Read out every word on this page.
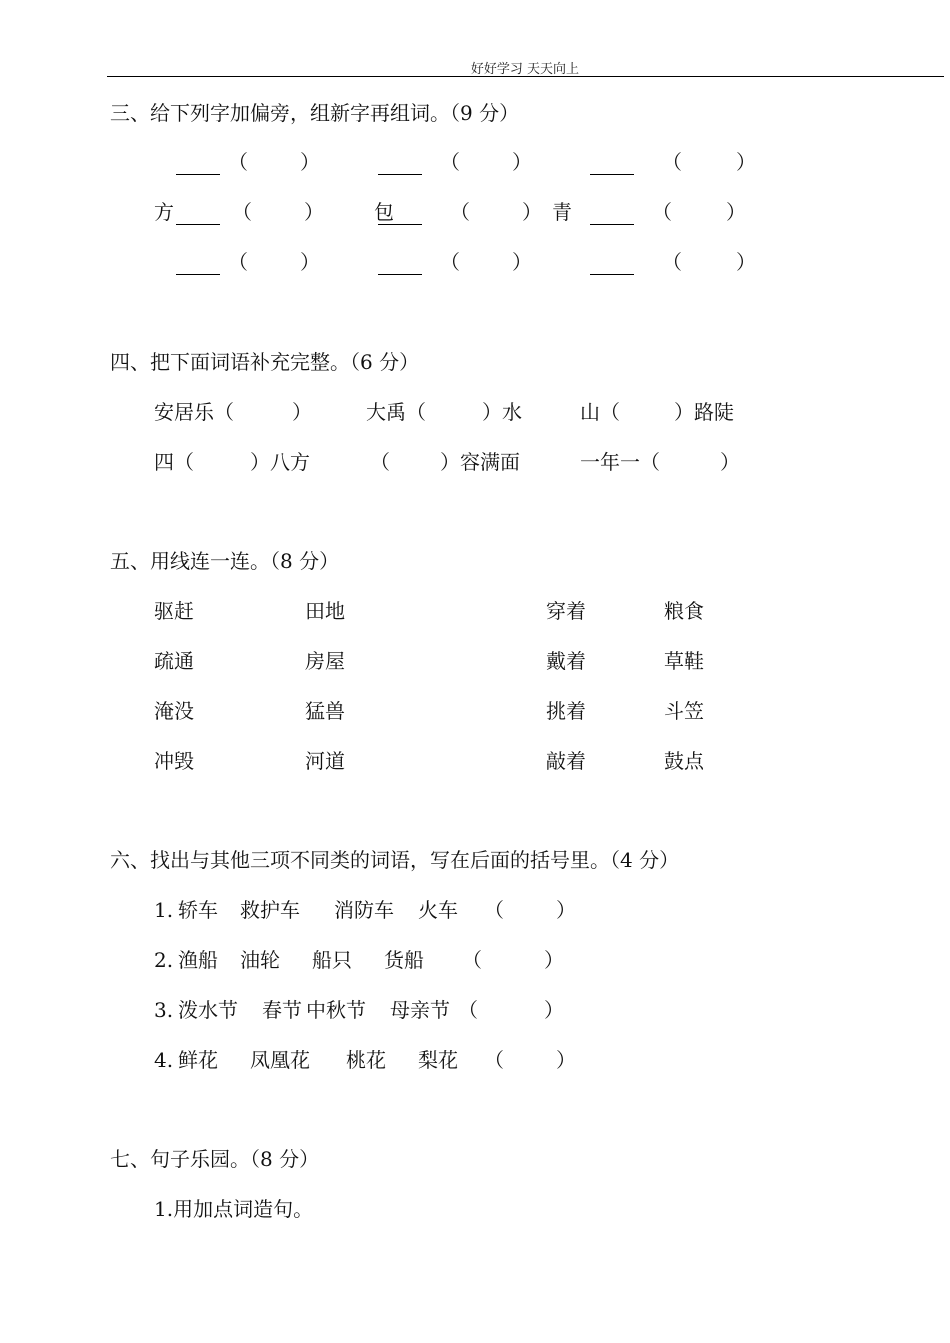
好好学习 天天向上
三、给下列字加偏旁，组新字再组词。（9 分）
（	）	（	）	（	）
方	（	）	包	（	） 青	（	）
（	）	（	）	（	）
四、把下面词语补充完整。（6 分）
安居乐（	）	大禹（	）水	山（	）路陡
四（	）八方	（	）容满面	一年一（	）
五、用线连一连。（8 分）
驱赶	田地	穿着	粮食
疏通	房屋	戴着	草鞋
淹没	猛兽	挑着	斗笠
冲毁	河道	敲着	鼓点
六、找出与其他三项不同类的词语，写在后面的括号里。（4 分）
1. 轿车 救护车 消防车 火车 （	）
2. 渔船 油轮 船只 货船 （	）
3. 泼水节 春节 中秋节 母亲节 （	）
4. 鲜花 凤凰花 桃花 梨花 （	）
七、句子乐园。（8 分）
1.用加点词造句。
